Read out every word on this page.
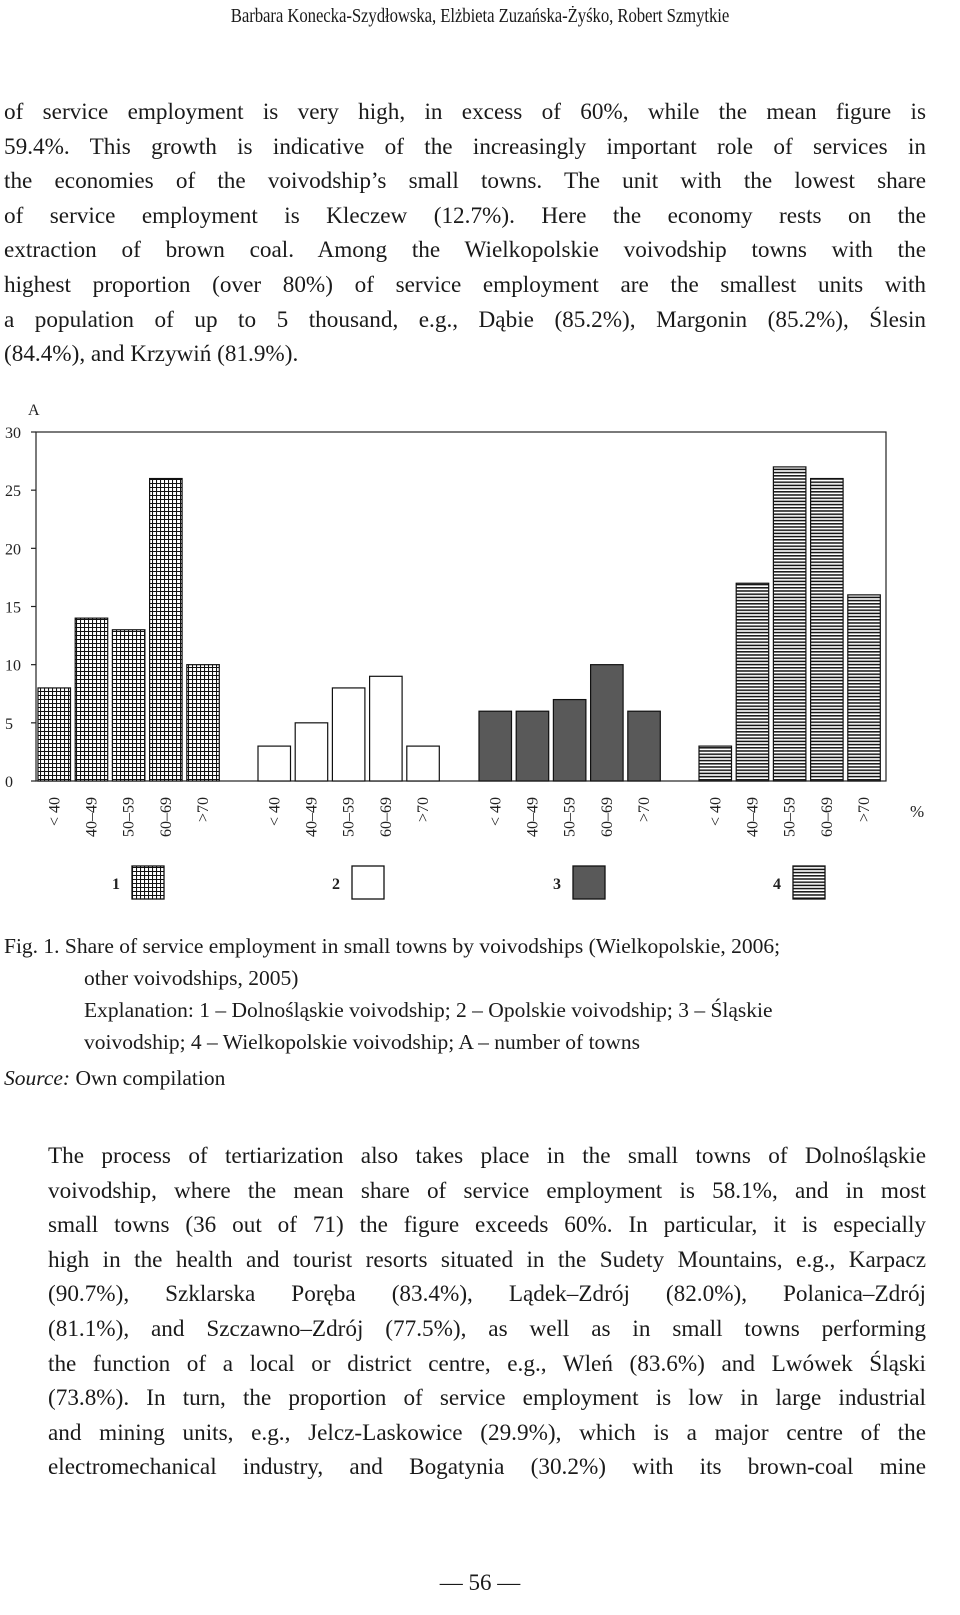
Barbara Konecka-Szydłowska, Elżbieta Zuzańska-Żyśko, Robert Szmytkie
of service employment is very high, in excess of 60%, while the mean figure is
59.4%. This growth is indicative of the increasingly important role of services in
the economies of the voivodship’s small towns. The unit with the lowest share
of service employment is Kleczew (12.7%). Here the economy rests on the
extraction of brown coal. Among the Wielkopolskie voivodship towns with the
highest proportion (over 80%) of service employment are the smallest units with
a population of up to 5 thousand, e.g., Dąbie (85.2%), Margonin (85.2%), Ślesin
(84.4%), and Krzywiń (81.9%).
0
5
10
15
20
25
30
A
< 40 40–49 50–59 60–69 >70
1
< 40 40–49 50–59 60–69 >70
2
< 40 40–49 50–59 60–69 >70
3
< 40 40–49 50–59 60–69 >70
4
%
Fig. 1. Share of service employment in small towns by voivodships (Wielkopolskie, 2006;
other voivodships, 2005)
Explanation: 1 – Dolnośląskie voivodship; 2 – Opolskie voivodship; 3 – Śląskie
voivodship; 4 – Wielkopolskie voivodship; A – number of towns
Source: Own compilation
The process of tertiarization also takes place in the small towns of Dolnośląskie
voivodship, where the mean share of service employment is 58.1%, and in most
small towns (36 out of 71) the figure exceeds 60%. In particular, it is especially
high in the health and tourist resorts situated in the Sudety Mountains, e.g., Karpacz
(90.7%), Szklarska Poręba (83.4%), Lądek–Zdrój (82.0%), Polanica–Zdrój
(81.1%), and Szczawno–Zdrój (77.5%), as well as in small towns performing
the function of a local or district centre, e.g., Wleń (83.6%) and Lwówek Śląski
(73.8%). In turn, the proportion of service employment is low in large industrial
and mining units, e.g., Jelcz-Laskowice (29.9%), which is a major centre of the
electromechanical industry, and Bogatynia (30.2%) with its brown-coal mine
— 56 —
